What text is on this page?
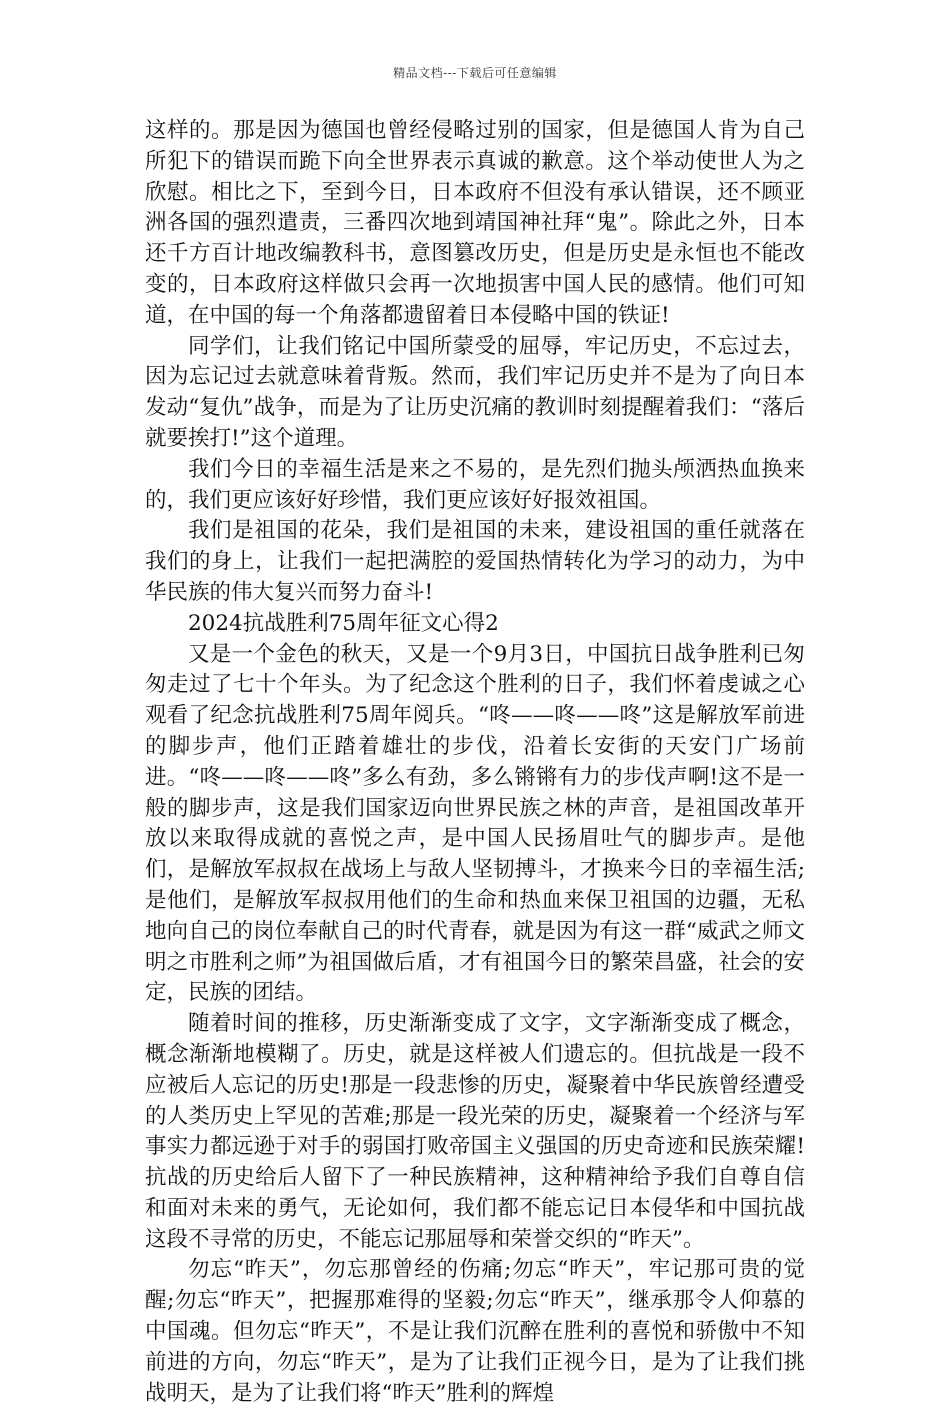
精品文档---下载后可任意编辑

这样的。那是因为德国也曾经侵略过别的国家，但是德国人肯为自己所犯下的错误而跪下向全世界表示真诚的歉意。这个举动使世人为之欣慰。相比之下，至到今日，日本政府不但没有承认错误，还不顾亚洲各国的强烈遣责，三番四次地到靖国神社拜“鬼”。除此之外，日本还千方百计地改编教科书，意图篡改历史，但是历史是永恒也不能改变的，日本政府这样做只会再一次地损害中国人民的感情。他们可知道，在中国的每一个角落都遗留着日本侵略中国的铁证!

同学们，让我们铭记中国所蒙受的屈辱，牢记历史，不忘过去，因为忘记过去就意味着背叛。然而，我们牢记历史并不是为了向日本发动“复仇”战争，而是为了让历史沉痛的教训时刻提醒着我们：“落后就要挨打!”这个道理。

我们今日的幸福生活是来之不易的，是先烈们抛头颅洒热血换来的，我们更应该好好珍惜，我们更应该好好报效祖国。

我们是祖国的花朵，我们是祖国的未来，建设祖国的重任就落在我们的身上，让我们一起把满腔的爱国热情转化为学习的动力，为中华民族的伟大复兴而努力奋斗!

2024抗战胜利75周年征文心得2

又是一个金色的秋天，又是一个9月3日，中国抗日战争胜利已匆匆走过了七十个年头。为了纪念这个胜利的日子，我们怀着虔诚之心观看了纪念抗战胜利75周年阅兵。“咚——咚——咚”这是解放军前进的脚步声，他们正踏着雄壮的步伐，沿着长安街的天安门广场前进。“咚——咚——咚”多么有劲，多么锵锵有力的步伐声啊!这不是一般的脚步声，这是我们国家迈向世界民族之林的声音，是祖国改革开放以来取得成就的喜悦之声，是中国人民扬眉吐气的脚步声。是他们，是解放军叔叔在战场上与敌人坚韧搏斗，才换来今日的幸福生活;是他们，是解放军叔叔用他们的生命和热血来保卫祖国的边疆，无私地向自己的岗位奉献自己的时代青春，就是因为有这一群“威武之师文明之市胜利之师”为祖国做后盾，才有祖国今日的繁荣昌盛，社会的安定，民族的团结。

随着时间的推移，历史渐渐变成了文字，文字渐渐变成了概念，概念渐渐地模糊了。历史，就是这样被人们遗忘的。但抗战是一段不应被后人忘记的历史!那是一段悲惨的历史，凝聚着中华民族曾经遭受的人类历史上罕见的苦难;那是一段光荣的历史，凝聚着一个经济与军事实力都远逊于对手的弱国打败帝国主义强国的历史奇迹和民族荣耀!抗战的历史给后人留下了一种民族精神，这种精神给予我们自尊自信和面对未来的勇气，无论如何，我们都不能忘记日本侵华和中国抗战这段不寻常的历史，不能忘记那屈辱和荣誉交织的“昨天”。

勿忘“昨天”，勿忘那曾经的伤痛;勿忘“昨天”，牢记那可贵的觉醒;勿忘“昨天”，把握那难得的坚毅;勿忘“昨天”，继承那令人仰慕的中国魂。但勿忘“昨天”，不是让我们沉醉在胜利的喜悦和骄傲中不知前进的方向，勿忘“昨天”，是为了让我们正视今日，是为了让我们挑战明天，是为了让我们将“昨天”胜利的辉煌
